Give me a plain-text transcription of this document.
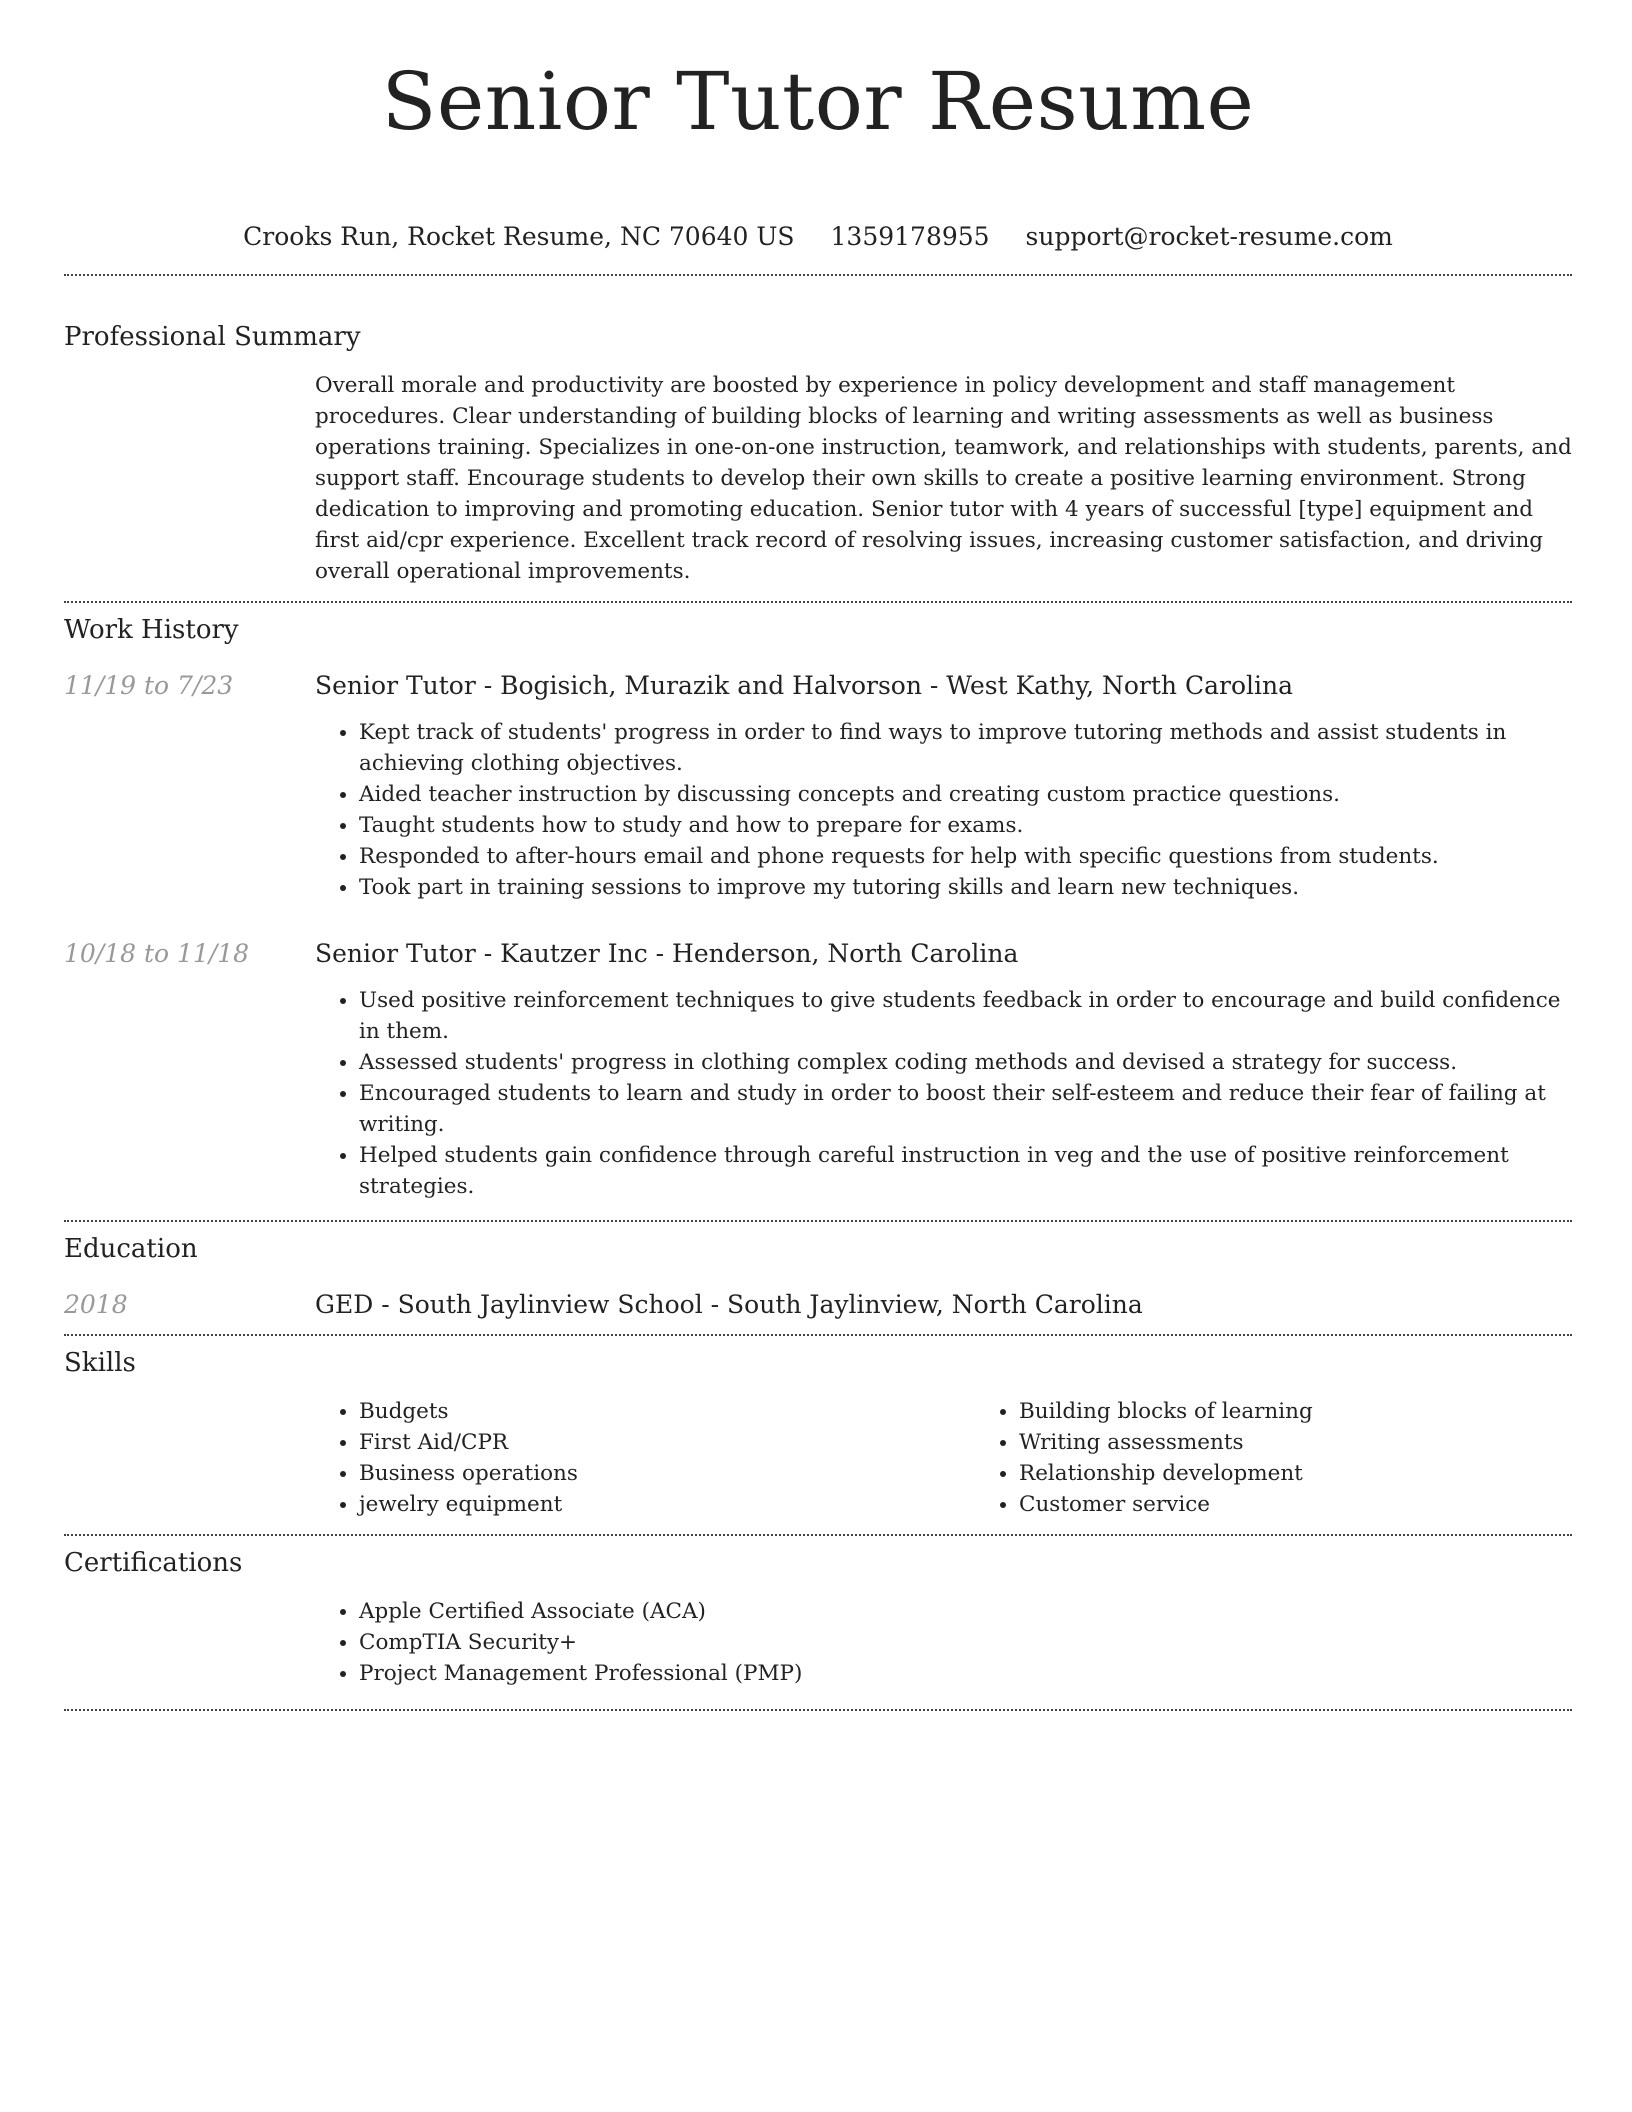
Senior Tutor Resume
Crooks Run, Rocket Resume, NC 70640 US 1359178955 support@rocket-resume.com
Professional Summary

Overall morale and productivity are boosted by experience in policy development and staff management procedures. Clear understanding of building blocks of learning and writing assessments as well as business operations training. Specializes in one-on-one instruction, teamwork, and relationships with students, parents, and support staff. Encourage students to develop their own skills to create a positive learning environment. Strong dedication to improving and promoting education. Senior tutor with 4 years of successful [type] equipment and first aid/cpr experience. Excellent track record of resolving issues, increasing customer satisfaction, and driving overall operational improvements.

Work History
11/19 to 7/23	Senior Tutor - Bogisich, Murazik and Halvorson - West Kathy, North Carolina
• Kept track of students' progress in order to find ways to improve tutoring methods and assist students in achieving clothing objectives.
• Aided teacher instruction by discussing concepts and creating custom practice questions.
• Taught students how to study and how to prepare for exams.
• Responded to after-hours email and phone requests for help with specific questions from students.
• Took part in training sessions to improve my tutoring skills and learn new techniques.
10/18 to 11/18	Senior Tutor - Kautzer Inc - Henderson, North Carolina
• Used positive reinforcement techniques to give students feedback in order to encourage and build confidence in them.
• Assessed students' progress in clothing complex coding methods and devised a strategy for success.
• Encouraged students to learn and study in order to boost their self-esteem and reduce their fear of failing at writing.
• Helped students gain confidence through careful instruction in veg and the use of positive reinforcement strategies.
Education
2018	GED - South Jaylinview School - South Jaylinview, North Carolina
Skills
• Budgets
• First Aid/CPR
• Business operations
• jewelry equipment
• Building blocks of learning
• Writing assessments
• Relationship development
• Customer service
Certifications
• Apple Certified Associate (ACA)
• CompTIA Security+
• Project Management Professional (PMP)
